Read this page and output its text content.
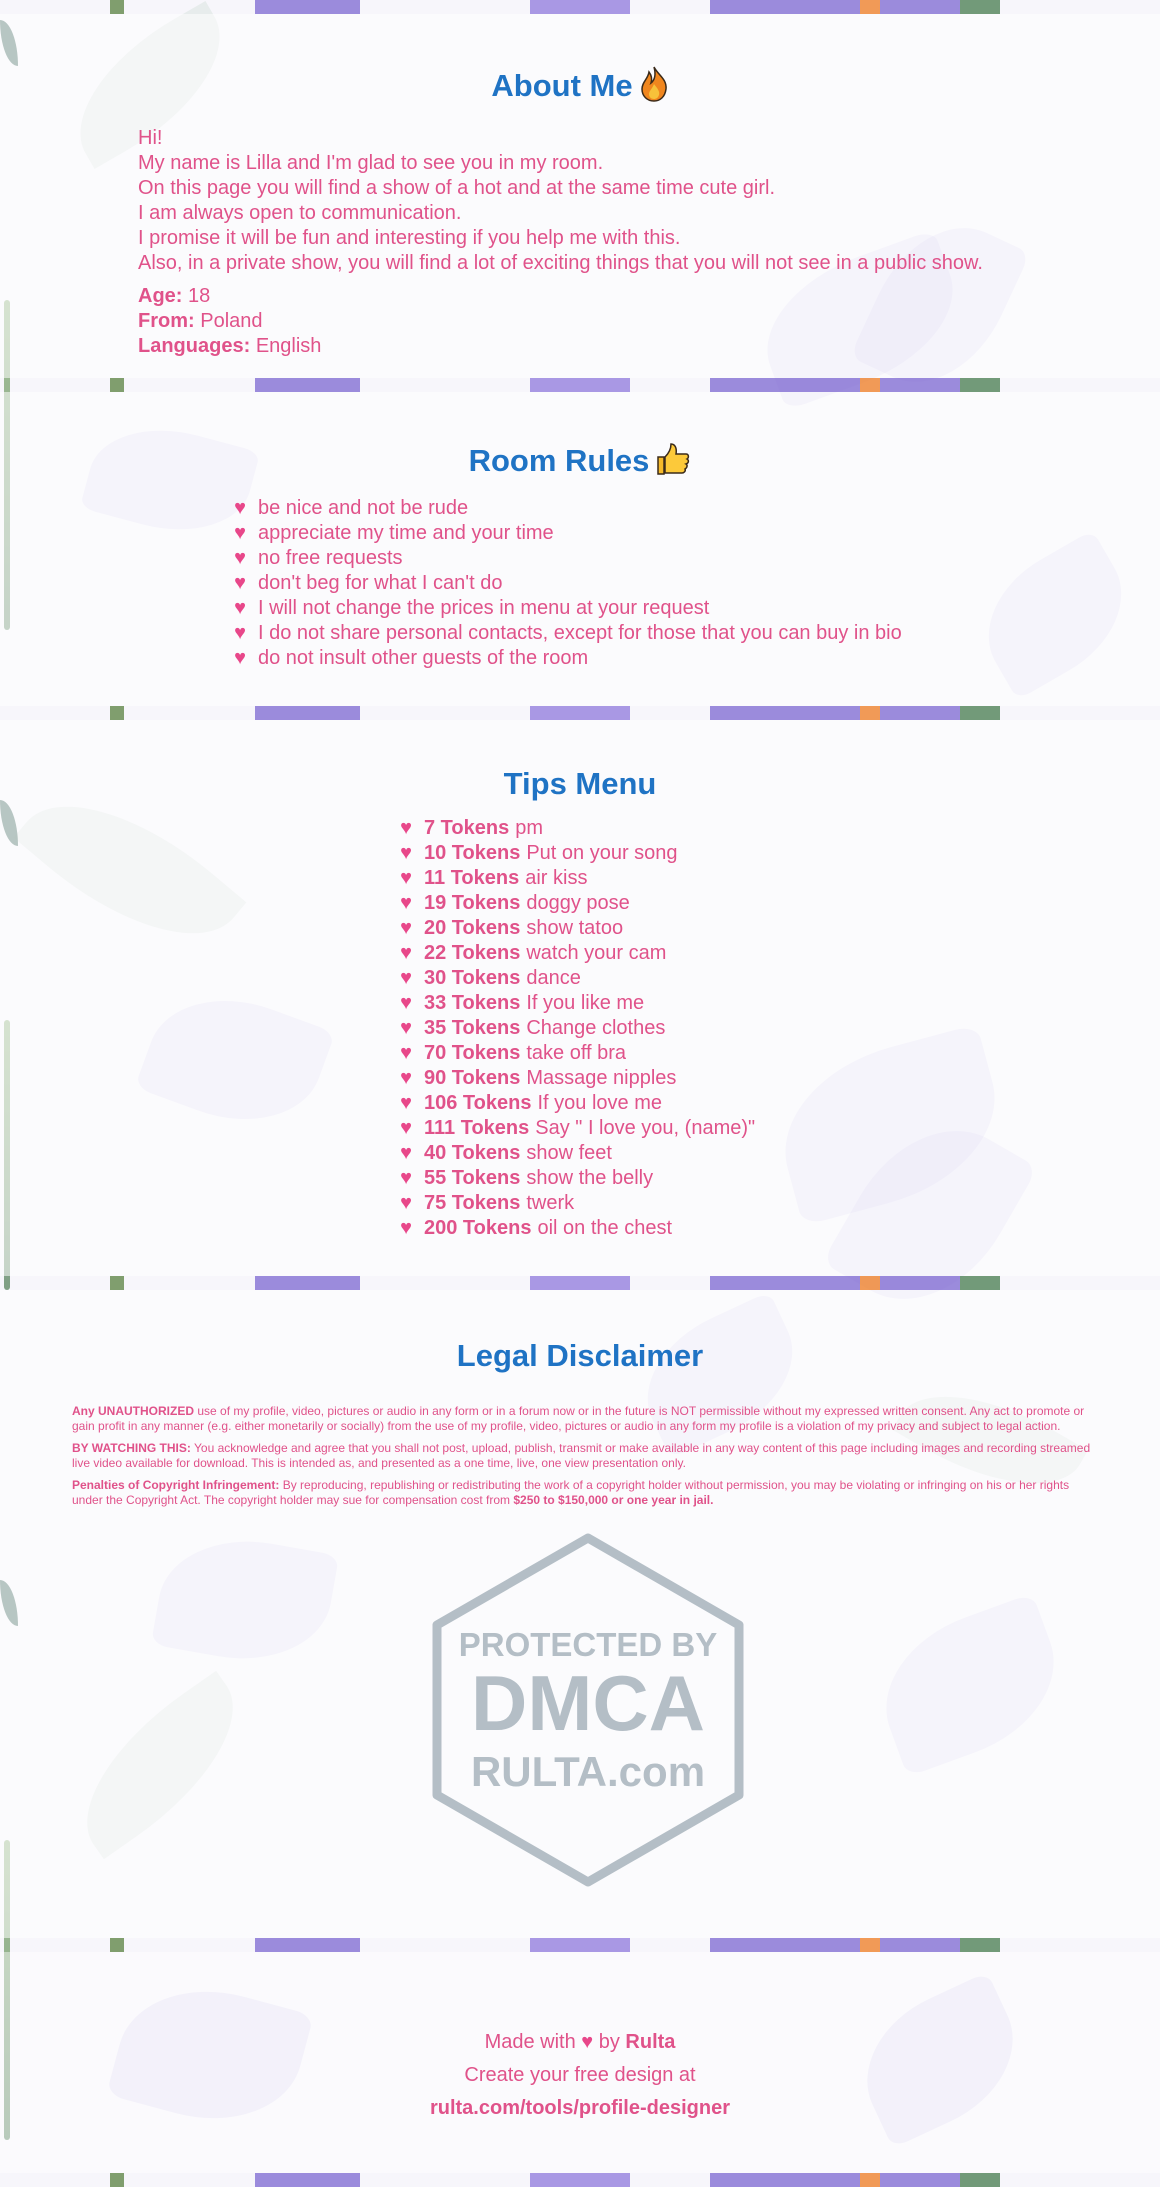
About Me

Hi!

My name is Lilla and I'm glad to see you in my room.

On this page you will find a show of a hot and at the same time cute girl.

I am always open to communication.

I promise it will be fun and interesting if you help me with this.

Also, in a private show, you will find a lot of exciting things that you will not see in a public show.

Age: 18
From: Poland
Languages: English
Room Rules
♥ be nice and not be rude
♥ appreciate my time and your time
♥ no free requests
♥ don't beg for what I can't do
♥ I will not change the prices in menu at your request
♥ I do not share personal contacts, except for those that you can buy in bio
♥ do not insult other guests of the room
Tips Menu
♥ 7 Tokens pm
♥ 10 Tokens Put on your song
♥ 11 Tokens air kiss
♥ 19 Tokens doggy pose
♥ 20 Tokens show tatoo
♥ 22 Tokens watch your cam
♥ 30 Tokens dance
♥ 33 Tokens If you like me
♥ 35 Tokens Change clothes
♥ 70 Tokens take off bra
♥ 90 Tokens Massage nipples
♥ 106 Tokens If you love me
♥ 111 Tokens Say " I love you, (name)"
♥ 40 Tokens show feet
♥ 55 Tokens show the belly
♥ 75 Tokens twerk
♥ 200 Tokens oil on the chest
Legal Disclaimer

Any UNAUTHORIZED use of my profile, video, pictures or audio in any form or in a forum now or in the future is NOT permissible without my expressed written consent. Any act to promote or gain profit in any manner (e.g. either monetarily or socially) from the use of my profile, video, pictures or audio in any form my profile is a violation of my privacy and subject to legal action.

BY WATCHING THIS: You acknowledge and agree that you shall not post, upload, publish, transmit or make available in any way content of this page including images and recording streamed live video available for download. This is intended as, and presented as a one time, live, one view presentation only.

Penalties of Copyright Infringement: By reproducing, republishing or redistributing the work of a copyright holder without permission, you may be violating or infringing on his or her rights under the Copyright Act. The copyright holder may sue for compensation cost from $250 to $150,000 or one year in jail.

PROTECTED BY
DMCA
RULTA.com
Made with ♥ by Rulta
Create your free design at
rulta.com/tools/profile-designer
